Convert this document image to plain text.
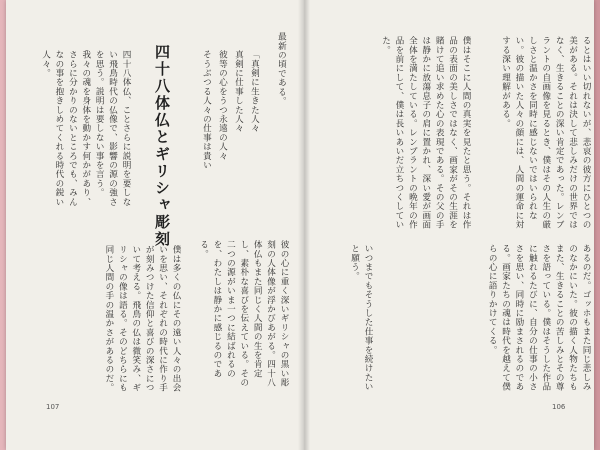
最新の頃である。
「真剣に生きた人々
真剣に仕事した人々
彼等の心をうつ永遠の人々
そうぶつる人々の仕事は貴い
四十八体仏とギリシャ彫刻
四十八体仏、ことさらに説明を要しない飛鳥時代の仏像で、影響の源の強さを思う。説明は要しない事を言う。我々の魂を身体を動かす何かがあり、さらに分かりのないところでも、みんなの事を抱きしめてくれる時代の鋭い人々。
彼の心に重く深いギリシャの黒い彫刻の人体像が浮かびあがる。四十八体仏もまた同じく人間の生を肯定し、素朴な喜びを伝えている。その二つの源がいま一つに結ばれるのを、わたしは静かに感じるのである。
僕は多くの仏にその遠い人々の出会いを思い、それぞれの時代に作り手が刻みつけた信仰と喜びの深さについて考える。飛鳥の仏は微笑み、ギリシャの像は語る。そのどちらにも同じ人間の手の温かさがあるのだ。
107
るとはいい切れないが、悲哀の彼方にひとつの美がある。それは決して悲しみだけの世界ではなく、生きることの深い肯定であった。レンブラントの自画像を見るとき、僕はその人生の厳しさと温かさを同時に感じないではいられない。彼の描いた人々の顔には、人間の運命に対する深い理解がある。
僕はそこに人間の真実を見たと思う。それは作品の表面の美しさではなく、画家がその生涯を賭けて追い求めた心の表現である。その父の手は静かに放蕩息子の肩に置かれ、深い愛が画面全体を満たしている。レンブラントの晩年の作品を前にして、僕は長いあいだ立ちつくしていた。
あるのだ。ゴッホもまた同じ悲しみのなかにいた。彼の描く人物たちもまた、生きることの苦しみとその尊さを語っている。僕はそうした作品に触れるたびに、自分の仕事の小ささを思い、同時に励まされるのである。画家たちの魂は時代を越えて僕らの心に語りかけてくる。
いつまでもそうした仕事を続けたいと願う。
106
